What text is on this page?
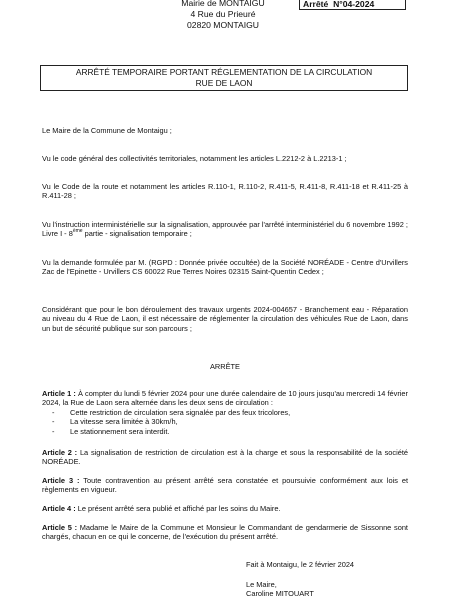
Mairie de MONTAIGU
4 Rue du Prieuré
02820 MONTAIGU
Arrêté  N°04-2024
ARRÊTÉ TEMPORAIRE PORTANT RÉGLEMENTATION DE LA CIRCULATION
RUE DE LAON

Le Maire de la Commune de Montaigu ;

Vu le code général des collectivités territoriales, notamment les articles L.2212-2 à L.2213-1 ;

Vu le Code de la route et notamment les articles R.110-1, R.110-2, R.411-5, R.411-8, R.411-18 et R.411-25 à R.411-28 ;

Vu l'instruction interministérielle sur la signalisation, approuvée par l'arrêté interministériel du 6 novembre 1992 ; Livre I - 8ème partie - signalisation temporaire ;

Vu la demande formulée par M. (RGPD : Donnée privée occultée) de la Société NORÉADE - Centre d'Urvillers Zac de l'Epinette - Urvillers CS 60022 Rue Terres Noires 02315 Saint-Quentin Cedex ;

Considérant que pour le bon déroulement des travaux urgents 2024-004657 - Branchement eau - Réparation au niveau du 4 Rue de Laon, il est nécessaire de réglementer la circulation des véhicules Rue de Laon, dans un but de sécurité publique sur son parcours ;

ARRÊTE

Article 1 : À compter du lundi 5 février 2024 pour une durée calendaire de 10 jours jusqu'au mercredi 14 février 2024, la Rue de Laon sera alternée dans les deux sens de circulation :

- Cette restriction de circulation sera signalée par des feux tricolores,
- La vitesse sera limitée à 30km/h,
- Le stationnement sera interdit.

Article 2 : La signalisation de restriction de circulation est à la charge et sous la responsabilité de la société NORÉADE.

Article 3 : Toute contravention au présent arrêté sera constatée et poursuivie conformément aux lois et règlements en vigueur.

Article 4 : Le présent arrêté sera publié et affiché par les soins du Maire.

Article 5 : Madame le Maire de la Commune et Monsieur le Commandant de gendarmerie de Sissonne sont chargés, chacun en ce qui le concerne, de l'exécution du présent arrêté.

Fait à Montaigu, le 2 février 2024
Le Maire,
Caroline MITOUART
